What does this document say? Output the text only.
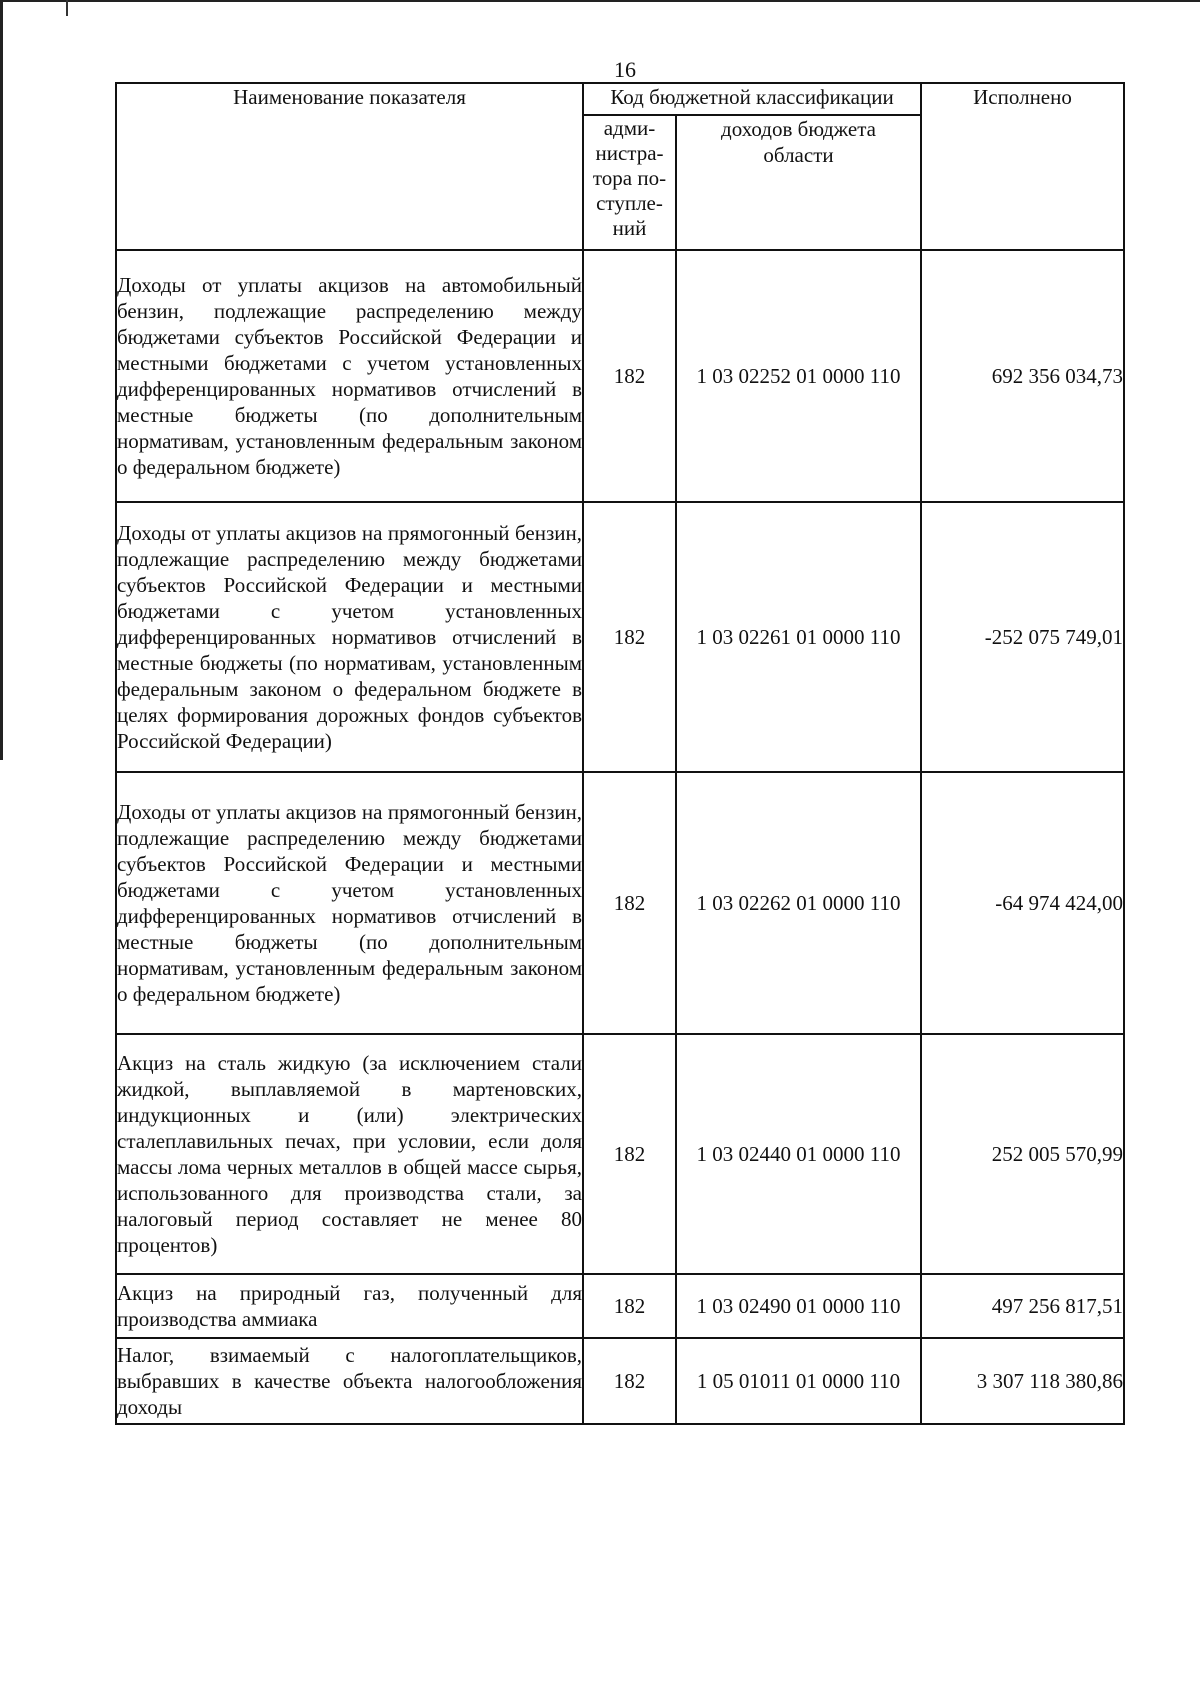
16
Наименование показателя	Код бюджетной классификации		Исполнено
	адми-
нистра-
тора по-
ступле-
ний	доходов бюджета
области	
Доходы от уплаты акцизов на автомобильный бензин, подлежащие распределению между бюджетами субъектов Российской Федерации и местными бюджетами с учетом установленных дифференцированных нормативов отчислений в местные бюджеты (по дополнительным нормативам, установленным федеральным законом о федеральном бюджете)	182	1 03 02252 01 0000 110	692 356 034,73
Доходы от уплаты акцизов на прямогонный бензин, подлежащие распределению между бюджетами субъектов Российской Федерации и местными бюджетами с учетом установленных дифференцированных нормативов отчислений в местные бюджеты (по нормативам, установленным федеральным законом о федеральном бюджете в целях формирования дорожных фондов субъектов Российской Федерации)	182	1 03 02261 01 0000 110	-252 075 749,01
Доходы от уплаты акцизов на прямогонный бензин, подлежащие распределению между бюджетами субъектов Российской Федерации и местными бюджетами с учетом установленных дифференцированных нормативов отчислений в местные бюджеты (по дополнительным нормативам, установленным федеральным законом о федеральном бюджете)	182	1 03 02262 01 0000 110	-64 974 424,00
Акциз на сталь жидкую (за исключением стали жидкой, выплавляемой в мартеновских, индукционных и (или) электрических сталеплавильных печах, при условии, если доля массы лома черных металлов в общей массе сырья, использованного для производства стали, за налоговый период составляет не менее 80 процентов)	182	1 03 02440 01 0000 110	252 005 570,99
Акциз на природный газ, полученный для производства аммиака	182	1 03 02490 01 0000 110	497 256 817,51
Налог, взимаемый с налогоплательщиков, выбравших в качестве объекта налогообложения доходы	182	1 05 01011 01 0000 110	3 307 118 380,86
